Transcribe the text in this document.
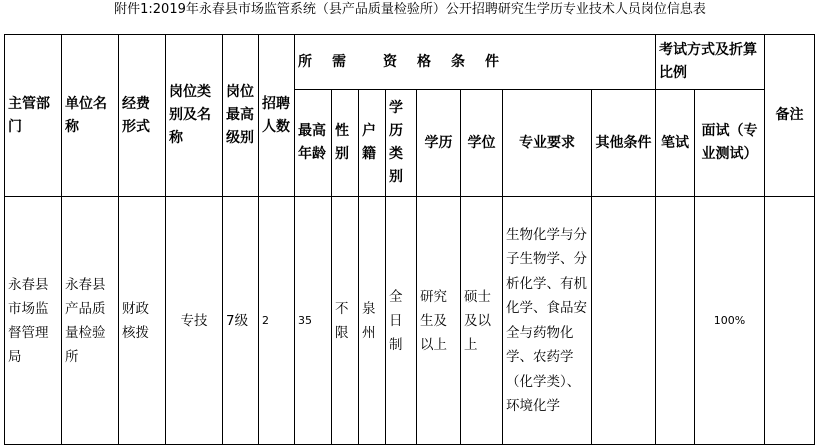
附件1:2019年永春县市场监管系统（县产品质量检验所）公开招聘研究生学历专业技术人员岗位信息表
主管部门	单位名称	经费形式	岗位类别及名称	岗位最高级别	招聘人数	所　需　　资　格　条　件								考试方式及折算比例		备注
						最高年龄	性别	户籍	学历类别	学历	学位	专业要求	其他条件	笔试	面试（专业测试）	
永春县市场监督管理局	永春县产品质量检验所	财政核拨	专技	7级	2	35	不限	泉州	全日制	研究生及以上	硕士及以上	生物化学与分子生物学、分析化学、有机化学、食品安全与药物化学、农药学（化学类）、环境化学			100%	
